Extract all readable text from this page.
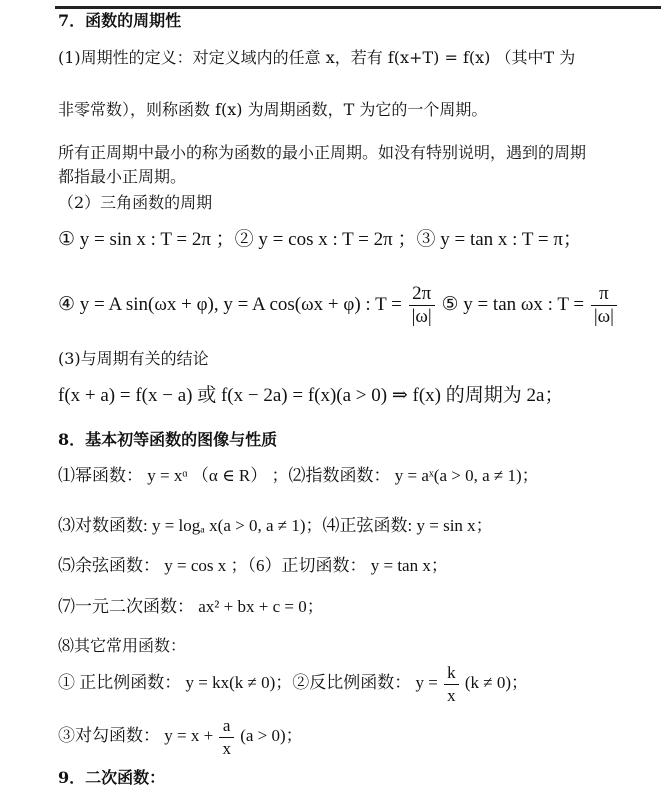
7．函数的周期性
(1)周期性的定义：对定义域内的任意 x，若有 f(x+T) = f(x) （其中T 为
非零常数），则称函数 f(x) 为周期函数，T 为它的一个周期。
所有正周期中最小的称为函数的最小正周期。如没有特别说明，遇到的周期
都指最小正周期。
（2）三角函数的周期
① y = sin x : T = 2π ；② y = cos x : T = 2π ；③ y = tan x : T = π；
④ y = A sin(ωx + φ), y = A cos(ωx + φ) : $T = \frac{2\pi}{|\omega|}$ ⑤ y = tan ωx : $T = \frac{\pi}{|\omega|}$
(3)与周期有关的结论
f(x + a) = f(x − a) 或 f(x − 2a) = f(x)(a > 0) ⇒ f(x) 的周期为 2a；
8．基本初等函数的图像与性质
⑴幂函数： y = xᵅ （α ∈ R） ；⑵指数函数： y = aˣ(a > 0, a ≠ 1)；
⑶对数函数: y = logₐ x(a > 0, a ≠ 1)；⑷正弦函数: y = sin x；
⑸余弦函数： y = cos x ；（6）正切函数： y = tan x；
⑺一元二次函数： ax² + bx + c = 0；
⑻其它常用函数：
① 正比例函数： y = kx(k ≠ 0)；②反比例函数： $y = \frac{k}{x} (k \ne 0)$；
③对勾函数： $y = x + \frac{a}{x} (a > 0)$；
9．二次函数：
